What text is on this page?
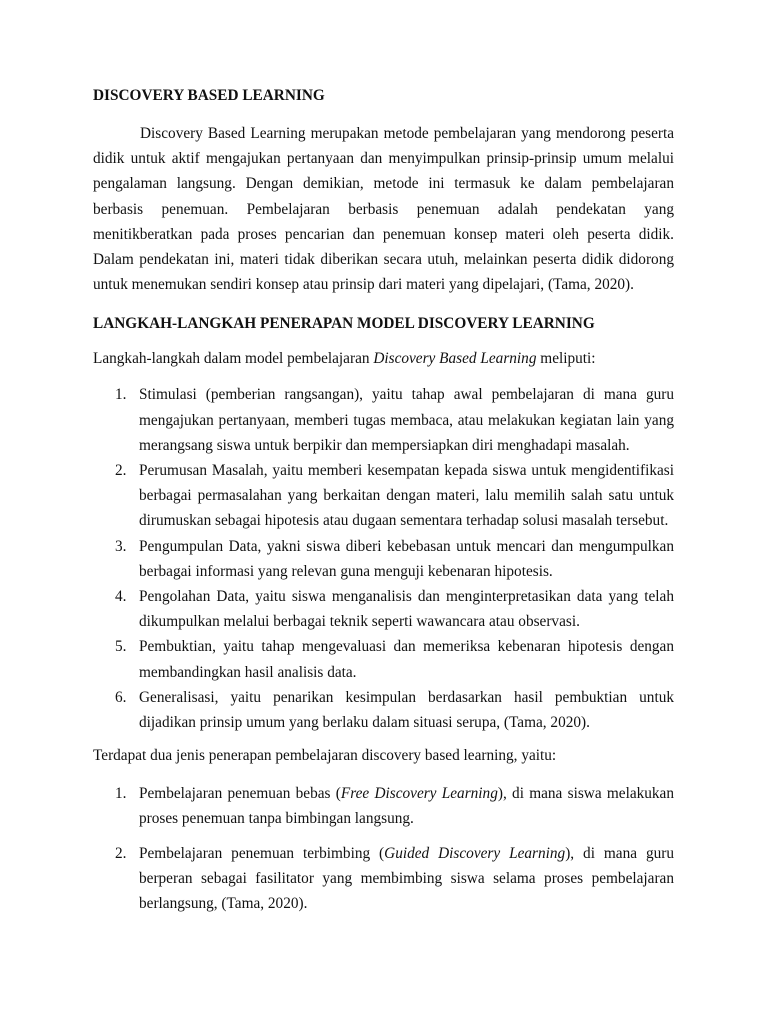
DISCOVERY BASED LEARNING

Discovery Based Learning merupakan metode pembelajaran yang mendorong peserta didik untuk aktif mengajukan pertanyaan dan menyimpulkan prinsip-prinsip umum melalui pengalaman langsung. Dengan demikian, metode ini termasuk ke dalam pembelajaran berbasis penemuan. Pembelajaran berbasis penemuan adalah pendekatan yang menitikberatkan pada proses pencarian dan penemuan konsep materi oleh peserta didik. Dalam pendekatan ini, materi tidak diberikan secara utuh, melainkan peserta didik didorong untuk menemukan sendiri konsep atau prinsip dari materi yang dipelajari, (Tama, 2020).

LANGKAH-LANGKAH PENERAPAN MODEL DISCOVERY LEARNING

Langkah-langkah dalam model pembelajaran Discovery Based Learning meliputi:

1. Stimulasi (pemberian rangsangan), yaitu tahap awal pembelajaran di mana guru mengajukan pertanyaan, memberi tugas membaca, atau melakukan kegiatan lain yang merangsang siswa untuk berpikir dan mempersiapkan diri menghadapi masalah.
2. Perumusan Masalah, yaitu memberi kesempatan kepada siswa untuk mengidentifikasi berbagai permasalahan yang berkaitan dengan materi, lalu memilih salah satu untuk dirumuskan sebagai hipotesis atau dugaan sementara terhadap solusi masalah tersebut.
3. Pengumpulan Data, yakni siswa diberi kebebasan untuk mencari dan mengumpulkan berbagai informasi yang relevan guna menguji kebenaran hipotesis.
4. Pengolahan Data, yaitu siswa menganalisis dan menginterpretasikan data yang telah dikumpulkan melalui berbagai teknik seperti wawancara atau observasi.
5. Pembuktian, yaitu tahap mengevaluasi dan memeriksa kebenaran hipotesis dengan membandingkan hasil analisis data.
6. Generalisasi, yaitu penarikan kesimpulan berdasarkan hasil pembuktian untuk dijadikan prinsip umum yang berlaku dalam situasi serupa, (Tama, 2020).

Terdapat dua jenis penerapan pembelajaran discovery based learning, yaitu:

1. Pembelajaran penemuan bebas (Free Discovery Learning), di mana siswa melakukan proses penemuan tanpa bimbingan langsung.
2. Pembelajaran penemuan terbimbing (Guided Discovery Learning), di mana guru berperan sebagai fasilitator yang membimbing siswa selama proses pembelajaran berlangsung, (Tama, 2020).
